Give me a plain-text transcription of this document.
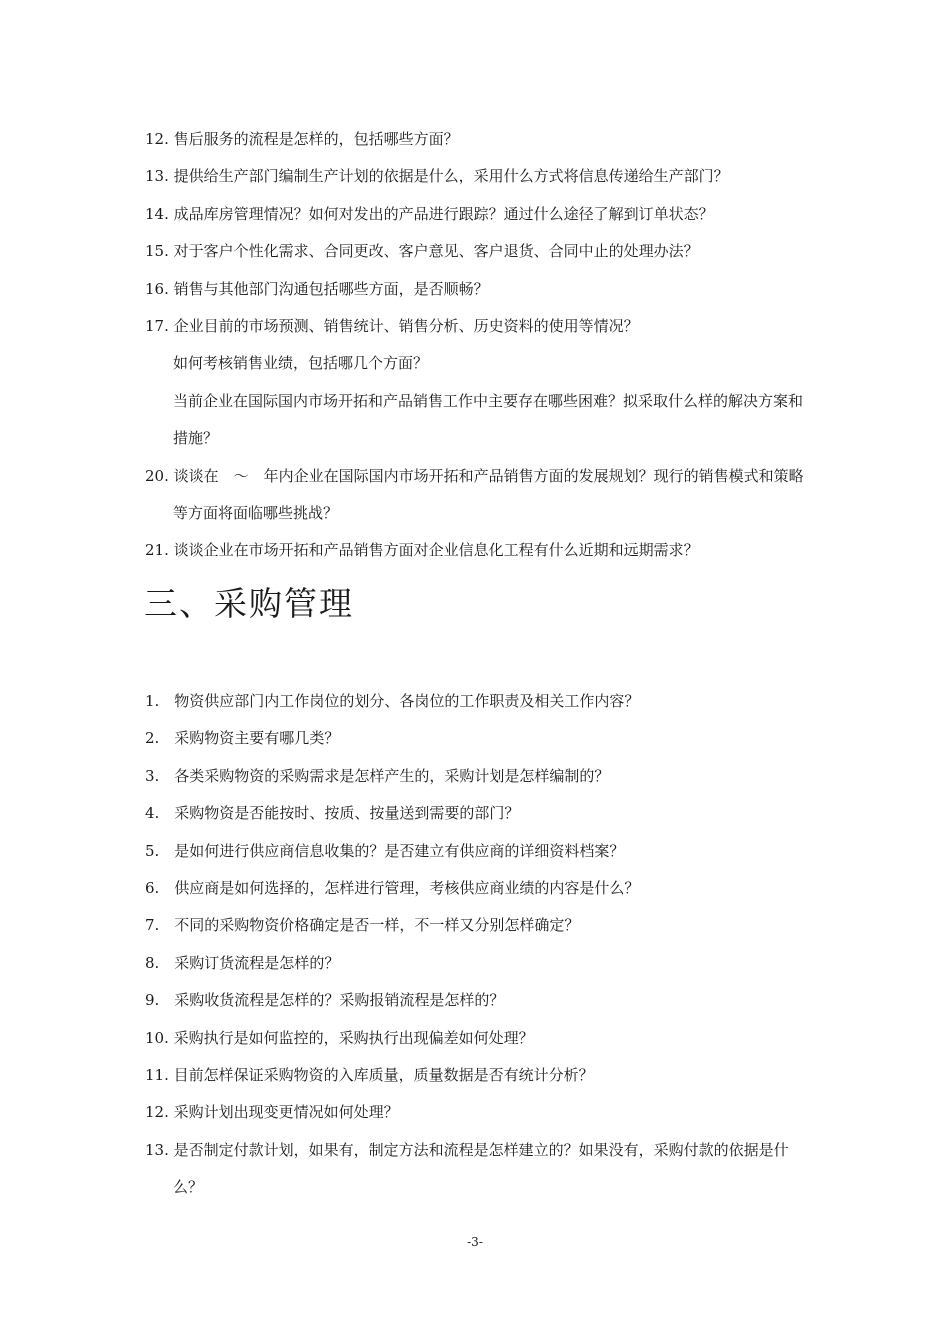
12. 售后服务的流程是怎样的，包括哪些方面？
13. 提供给生产部门编制生产计划的依据是什么，采用什么方式将信息传递给生产部门？
14. 成品库房管理情况？如何对发出的产品进行跟踪？通过什么途径了解到订单状态？
15. 对于客户个性化需求、合同更改、客户意见、客户退货、合同中止的处理办法？
16. 销售与其他部门沟通包括哪些方面，是否顺畅？
17. 企业目前的市场预测、销售统计、销售分析、历史资料的使用等情况？
如何考核销售业绩，包括哪几个方面？
当前企业在国际国内市场开拓和产品销售工作中主要存在哪些困难？拟采取什么样的解决方案和措施？
20. 谈谈在　～　年内企业在国际国内市场开拓和产品销售方面的发展规划？现行的销售模式和策略等方面将面临哪些挑战？
21. 谈谈企业在市场开拓和产品销售方面对企业信息化工程有什么近期和远期需求？
三、采购管理
1.　物资供应部门内工作岗位的划分、各岗位的工作职责及相关工作内容？
2.　采购物资主要有哪几类？
3.　各类采购物资的采购需求是怎样产生的，采购计划是怎样编制的？
4.　采购物资是否能按时、按质、按量送到需要的部门？
5.　是如何进行供应商信息收集的？是否建立有供应商的详细资料档案？
6.　供应商是如何选择的，怎样进行管理，考核供应商业绩的内容是什么？
7.　不同的采购物资价格确定是否一样，不一样又分别怎样确定？
8.　采购订货流程是怎样的？
9.　采购收货流程是怎样的？采购报销流程是怎样的？
10. 采购执行是如何监控的，采购执行出现偏差如何处理？
11. 目前怎样保证采购物资的入库质量，质量数据是否有统计分析？
12. 采购计划出现变更情况如何处理？
13. 是否制定付款计划，如果有，制定方法和流程是怎样建立的？如果没有，采购付款的依据是什么？
-3-
